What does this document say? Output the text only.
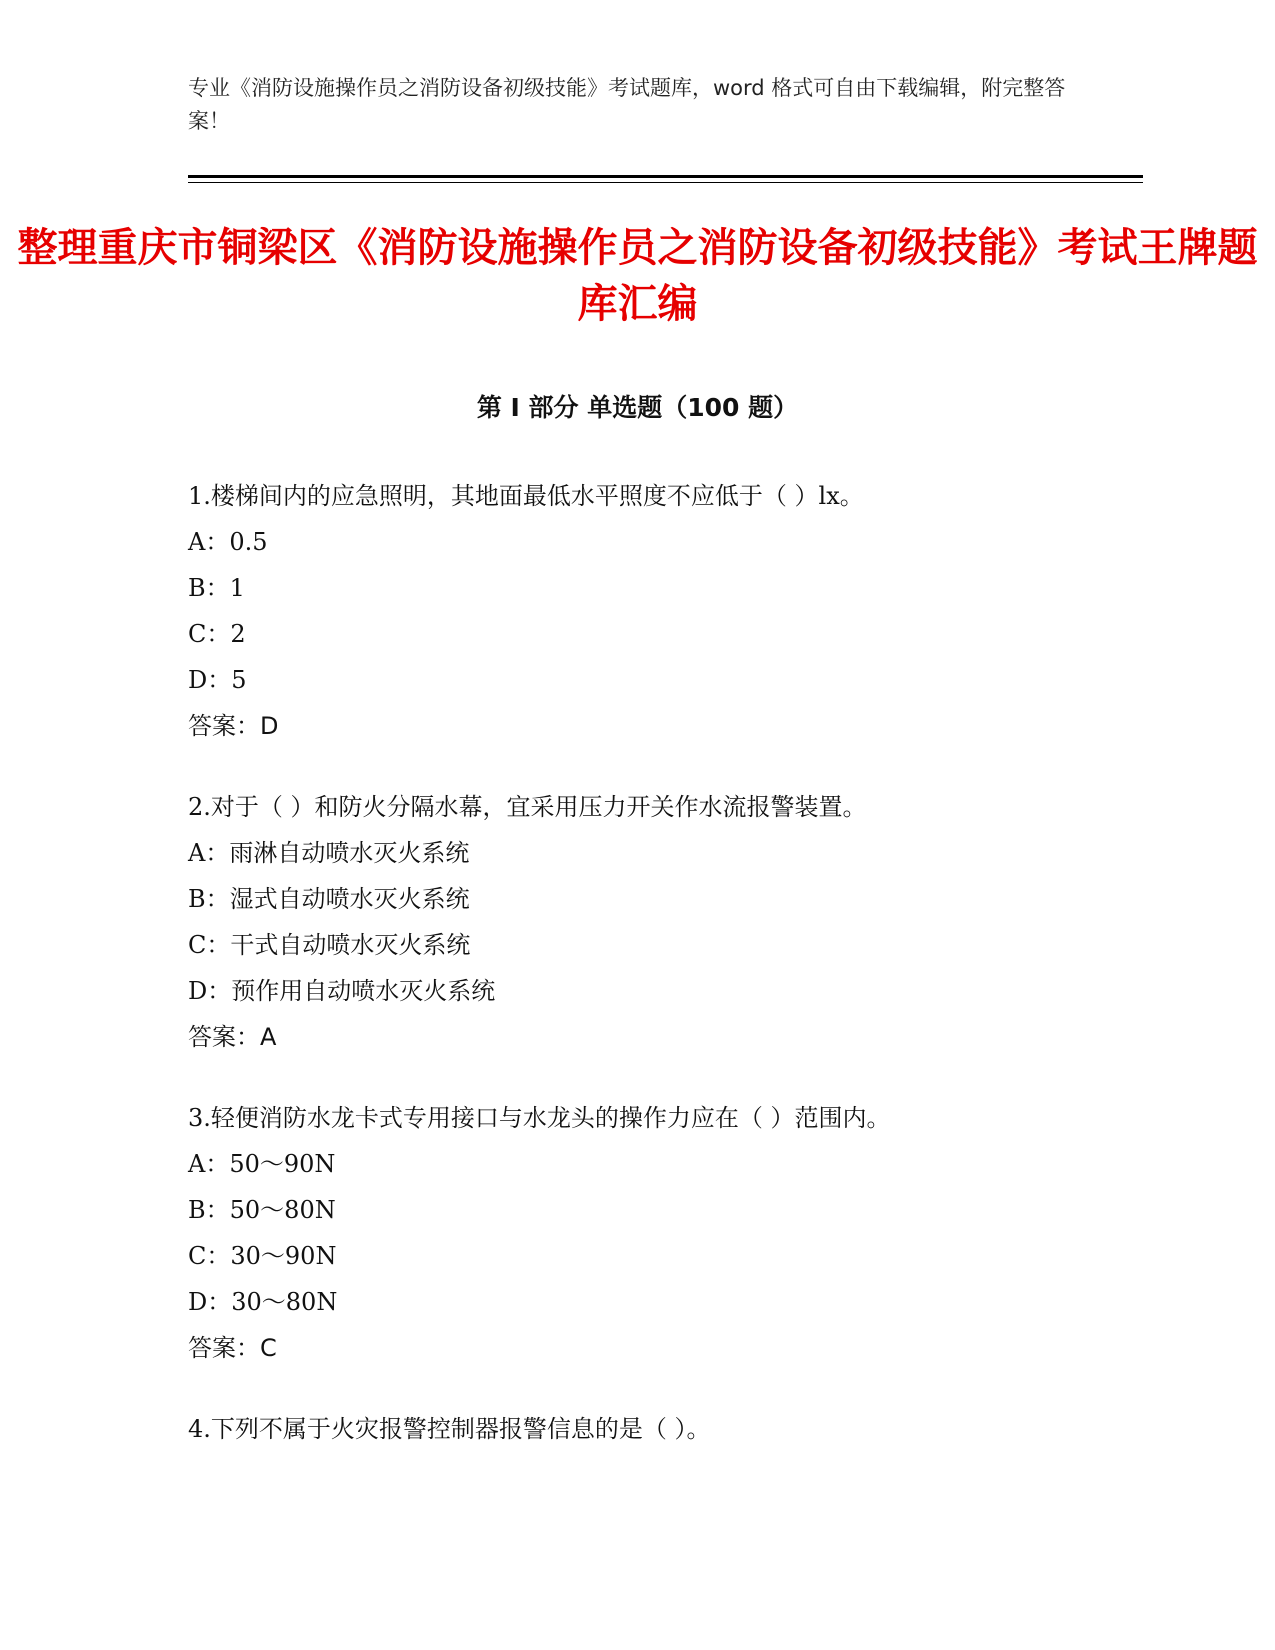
专业《消防设施操作员之消防设备初级技能》考试题库，word 格式可自由下载编辑，附完整答案！
整理重庆市铜梁区《消防设施操作员之消防设备初级技能》考试王牌题库汇编
第 I 部分 单选题（100 题）
1.楼梯间内的应急照明，其地面最低水平照度不应低于（ ）lx。
A：0.5
B：1
C：2
D：5
答案：D
2.对于（ ）和防火分隔水幕，宜采用压力开关作水流报警装置。
A：雨淋自动喷水灭火系统
B：湿式自动喷水灭火系统
C：干式自动喷水灭火系统
D：预作用自动喷水灭火系统
答案：A
3.轻便消防水龙卡式专用接口与水龙头的操作力应在（ ）范围内。
A：50～90N
B：50～80N
C：30～90N
D：30～80N
答案：C
4.下列不属于火灾报警控制器报警信息的是（ ）。
